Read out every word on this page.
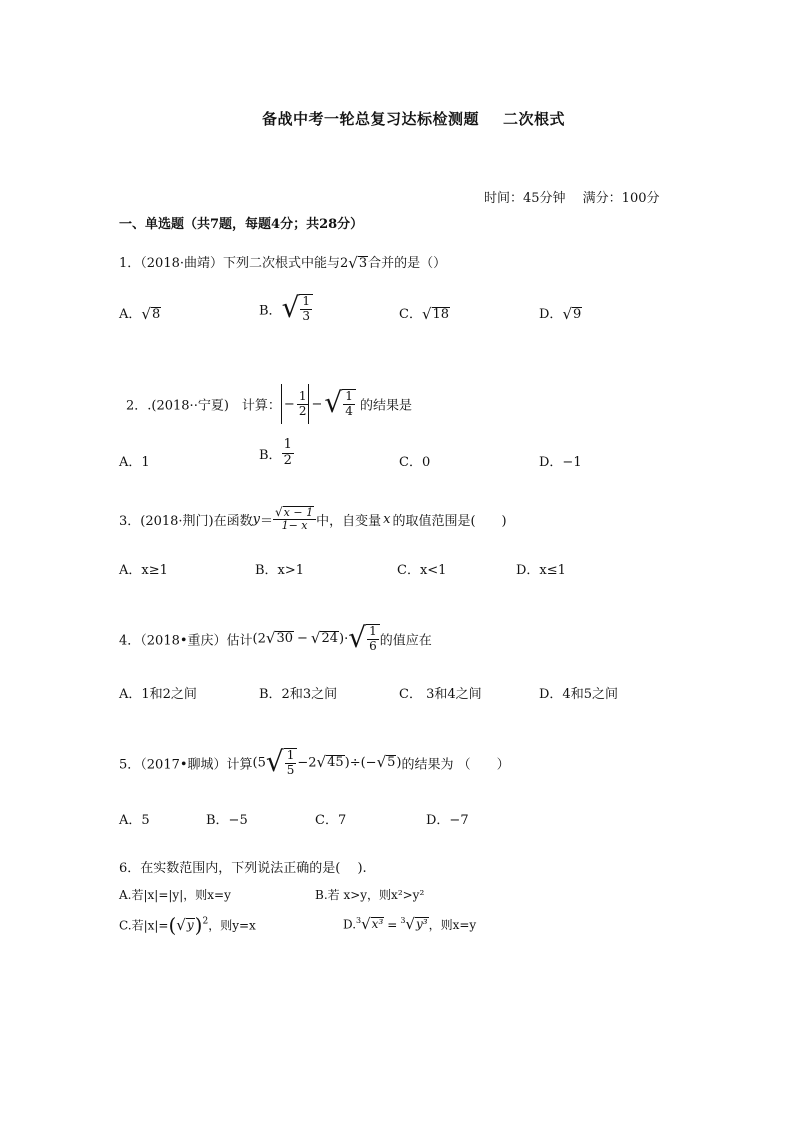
备战中考一轮总复习达标检测题 二次根式
时间：45分钟　 满分：100分
一、单选题（共7题，每题4分；共28分）
1．（2018·曲靖）下列二次根式中能与2 √ 3 合并的是（）
A． √ 8	B． √ $\frac{1}{3}$	C． √ 18	D． √ 9
2．.(2018··宁夏)　计算： − $\frac{1}{2}$ − √ $\frac{1}{4}$ 的结果是
A．1	B． $\frac{1}{2}$	C．0	D．−1
3．(2018·荆门)在函数$y= \frac{√ x - 1}{1- x}$ 中，自变量 x 的取值范围是(　　)
A．x≥1	B．x>1	C．x<1	D．x≤1
4．（2018•重庆）估计(2 √ 30 − √ 24 )· √ $\frac{1}{6}$ 的值应在
A．1和2之间	B．2和3之间	C． 3和4之间	D．4和5之间
5．（2017•聊城）计算(5 √ $\frac{1}{5} -2$ √ 45 )÷(− √ 5 )的结果为 （　　）
A．5	B．−5	C．7	D．−7
6．在实数范围内，下列说法正确的是(　 ).
A.若|x|=|y|，则x=y	B.若 x>y，则x²>y²
C.若|x|=( √ y )$^2$，则y=x	D.$^3$ √ x³ = $^3$ √ y³ ，则x=y
